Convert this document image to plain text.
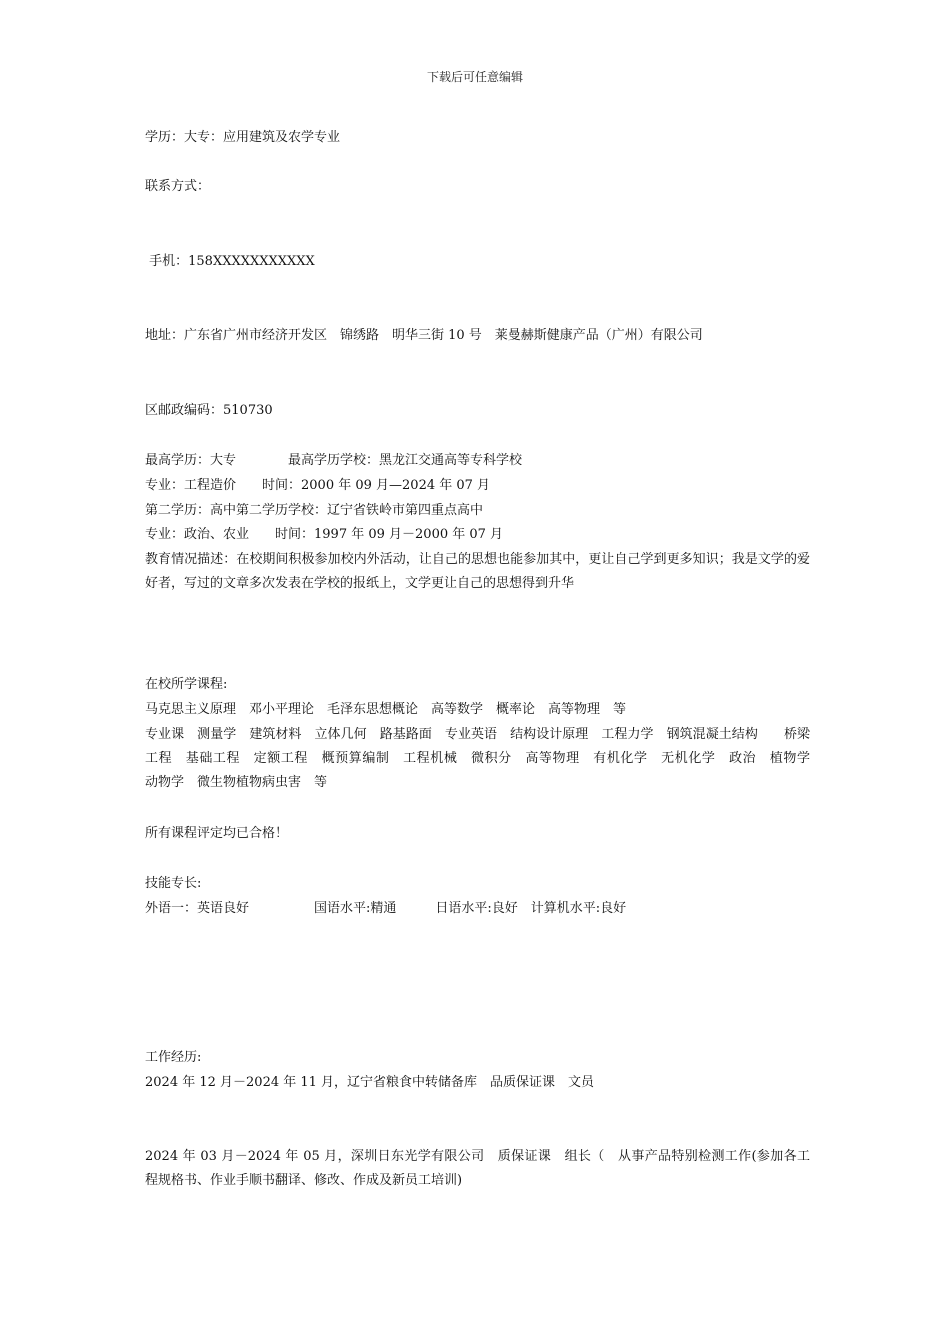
下载后可任意编辑
学历：大专：应用建筑及农学专业
联系方式：
手机：158XXXXXXXXXXX
地址：广东省广州市经济开发区　锦绣路　明华三街 10 号　莱曼赫斯健康产品（广州）有限公司
区邮政编码：510730
最高学历：大专　　　　最高学历学校：黑龙江交通高等专科学校
专业：工程造价　　时间：2000 年 09 月—2024 年 07 月
第二学历：高中第二学历学校：辽宁省铁岭市第四重点高中
专业：政治、农业　　时间：1997 年 09 月－2000 年 07 月
教育情况描述：在校期间积极参加校内外活动，让自己的思想也能参加其中，更让自己学到更多知识；我是文学的爱好者，写过的文章多次发表在学校的报纸上，文学更让自己的思想得到升华
在校所学课程:
马克思主义原理　邓小平理论　毛泽东思想概论　高等数学　概率论　高等物理　等
专业课　测量学　建筑材料　立体几何　路基路面　专业英语　结构设计原理　工程力学　钢筑混凝土结构　　桥梁工程　基础工程　定额工程　概预算编制　工程机械　微积分　高等物理　有机化学　无机化学　政治　植物学　　动物学　微生物植物病虫害　等
所有课程评定均已合格！
技能专长:
外语一：英语良好　　　　　国语水平:精通　　　日语水平:良好　计算机水平:良好
工作经历:
2024 年 12 月－2024 年 11 月，辽宁省粮食中转储备库　品质保证课　文员
2024 年 03 月－2024 年 05 月，深圳日东光学有限公司　质保证课　组长（　从事产品特别检测工作(参加各工　程规格书、作业手顺书翻译、修改、作成及新员工培训)
